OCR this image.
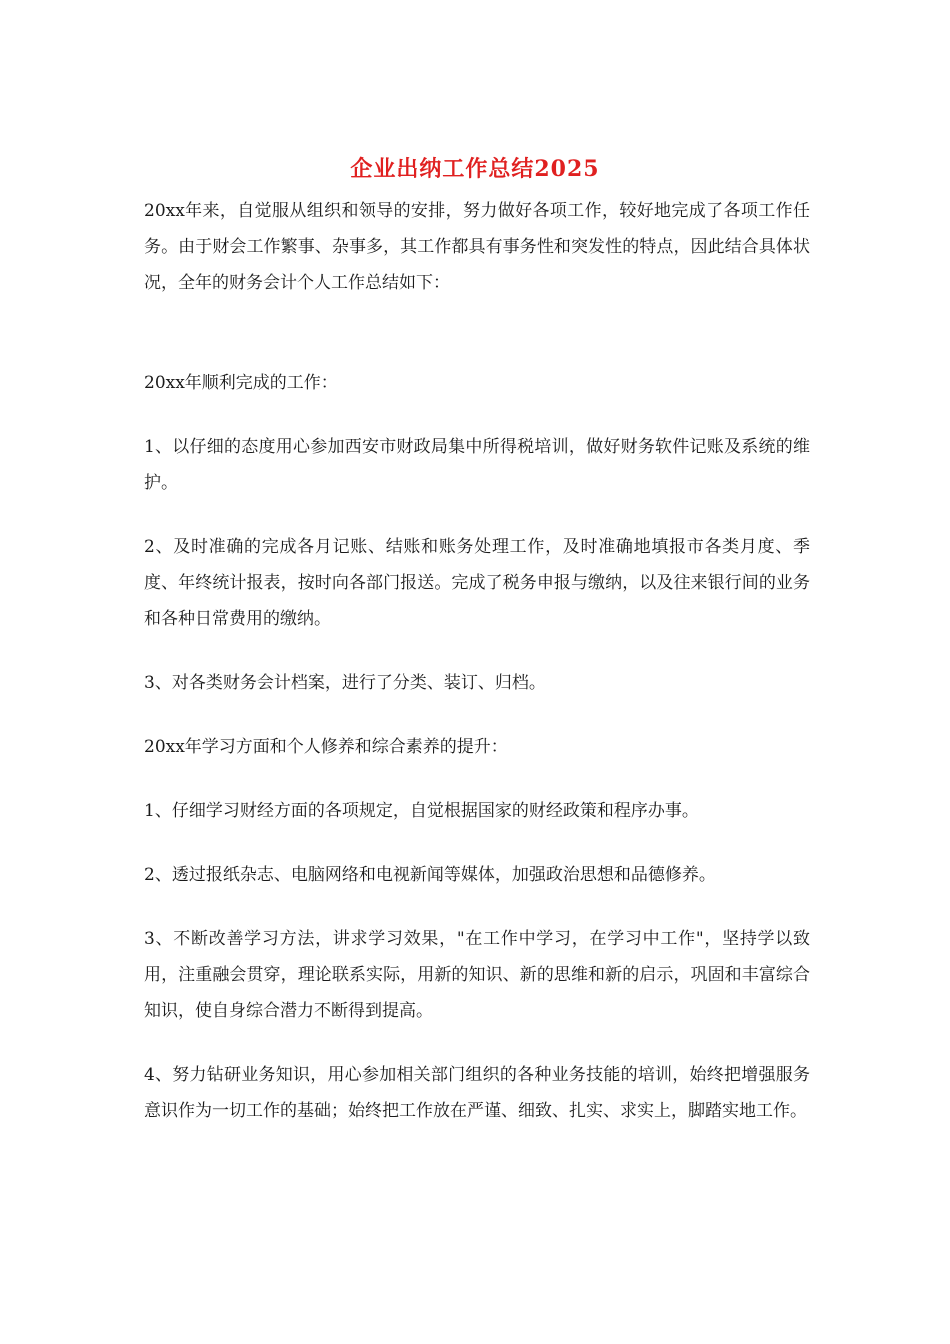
企业出纳工作总结2025

20xx年来，自觉服从组织和领导的安排，努力做好各项工作，较好地完成了各项工作任务。由于财会工作繁事、杂事多，其工作都具有事务性和突发性的特点，因此结合具体状况，全年的财务会计个人工作总结如下：

20xx年顺利完成的工作：

1、以仔细的态度用心参加西安市财政局集中所得税培训，做好财务软件记账及系统的维护。

2、及时准确的完成各月记账、结账和账务处理工作，及时准确地填报市各类月度、季度、年终统计报表，按时向各部门报送。完成了税务申报与缴纳，以及往来银行间的业务和各种日常费用的缴纳。

3、对各类财务会计档案，进行了分类、装订、归档。

20xx年学习方面和个人修养和综合素养的提升：

1、仔细学习财经方面的各项规定，自觉根据国家的财经政策和程序办事。

2、透过报纸杂志、电脑网络和电视新闻等媒体，加强政治思想和品德修养。

3、不断改善学习方法，讲求学习效果，"在工作中学习，在学习中工作"，坚持学以致用，注重融会贯穿，理论联系实际，用新的知识、新的思维和新的启示，巩固和丰富综合知识，使自身综合潜力不断得到提高。

4、努力钻研业务知识，用心参加相关部门组织的各种业务技能的培训，始终把增强服务意识作为一切工作的基础；始终把工作放在严谨、细致、扎实、求实上，脚踏实地工作。
